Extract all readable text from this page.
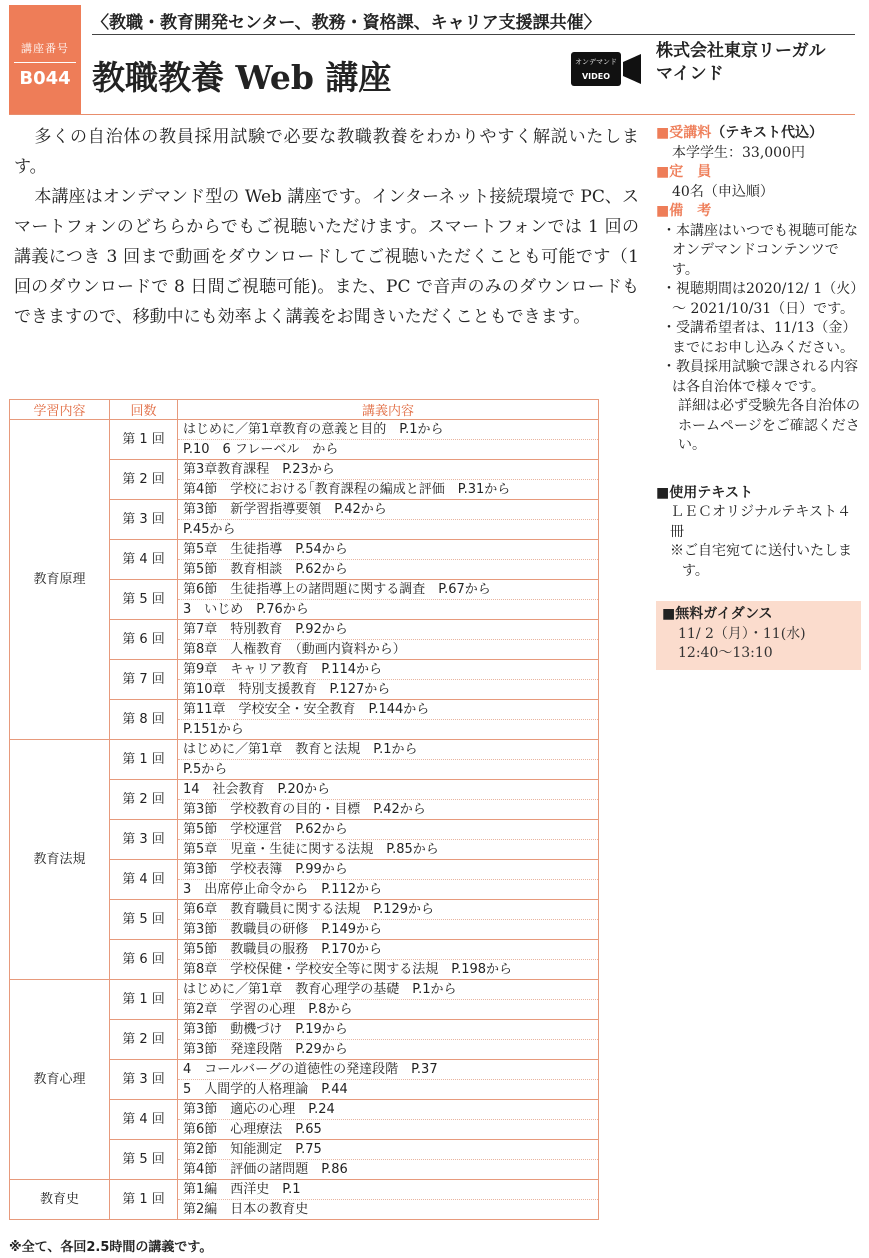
講座番号
B044
〈教職・教育開発センター、教務・資格課、キャリア支援課共催〉
教職教養 Web 講座	オンデマンド
VIDEO
株式会社東京リーガル
マインド

多くの自治体の教員採用試験で必要な教職教養をわかりやすく解説いたします。

本講座はオンデマンド型の Web 講座です。インターネット接続環境で PC、スマートフォンのどちらからでもご視聴いただけます。スマートフォンでは 1 回の講義につき 3 回まで動画をダウンロードしてご視聴いただくことも可能です（1 回のダウンロードで 8 日間ご視聴可能)。また、PC で音声のみのダウンロードもできますので、移動中にも効率よく講義をお聞きいただくこともできます。

学習内容	回数	講義内容
教育原理	第 1 回	はじめに／第1章教育の意義と目的　P.1から
		P.10　6 フレーベル　から
	第 2 回	第3章教育課程　P.23から
		第4節　学校における｢教育課程の編成と評価　P.31から
	第 3 回	第3節　新学習指導要領　P.42から
		P.45から
	第 4 回	第5章　生徒指導　P.54から
		第5節　教育相談　P.62から
	第 5 回	第6節　生徒指導上の諸問題に関する調査　P.67から
		3　いじめ　P.76から
	第 6 回	第7章　特別教育　P.92から
		第8章　人権教育　（動画内資料から）
	第 7 回	第9章　キャリア教育　P.114から
		第10章　特別支援教育　P.127から
	第 8 回	第11章　学校安全・安全教育　P.144から
		P.151から
教育法規	第 1 回	はじめに／第1章　教育と法規　P.1から
		P.5から
	第 2 回	14　社会教育　P.20から
		第3節　学校教育の目的・目標　P.42から
	第 3 回	第5節　学校運営　P.62から
		第5章　児童・生徒に関する法規　P.85から
	第 4 回	第3節　学校表簿　P.99から
		3　出席停止命令から　P.112から
	第 5 回	第6章　教育職員に関する法規　P.129から
		第3節　教職員の研修　P.149から
	第 6 回	第5節　教職員の服務　P.170から
		第8章　学校保健・学校安全等に関する法規　P.198から
教育心理	第 1 回	はじめに／第1章　教育心理学の基礎　P.1から
		第2章　学習の心理　P.8から
	第 2 回	第3節　動機づけ　P.19から
		第3節　発達段階　P.29から
	第 3 回	4　コールバーグの道徳性の発達段階　P.37
		5　人間学的人格理論　P.44
	第 4 回	第3節　適応の心理　P.24
		第6節　心理療法　P.65
	第 5 回	第2節　知能測定　P.75
		第4節　評価の諸問題　P.86
教育史	第 1 回	第1編　西洋史　P.1
		第2編　日本の教育史
※全て、各回2.5時間の講義です。
■受講料（テキスト代込）
本学学生：33,000円
■定　員
40名（申込順）
■備　考
・本講座はいつでも視聴可能なオンデマンドコンテンツです。
・視聴期間は2020/12/ 1（火）～ 2021/10/31（日）です。
・受講希望者は、11/13（金）までにお申し込みください。
・教員採用試験で課される内容は各自治体で様々です。
詳細は必ず受験先各自治体のホームページをご確認ください。
■使用テキスト
ＬＥＣオリジナルテキスト４冊
※ご自宅宛てに送付いたします。
■無料ガイダンス
11/ 2（月）・11(水)
12:40〜13:10
